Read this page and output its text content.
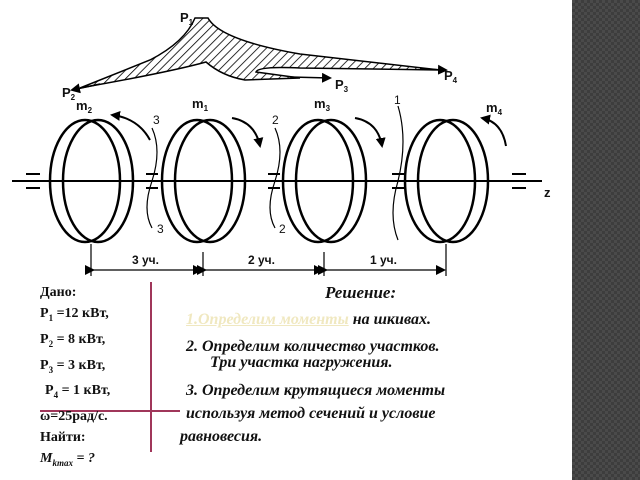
$P_1$
$P_2$
$P_3$
$P_4$
z
$m_2$	$m_1$	$m_3$	$m_4$
3
3
2
2
1
3 уч.	2 уч.	1 уч.
Дано:
$P_1 =12$ кВт,
$P_2 = 8$ кВт,
$P_3 = 3$ кВт,
$P_4 = 1$ кВт,
ω=25рад/с.
Найти:
$M_{kmax}$ = ?
Решение:
1.Определим моменты на шкивах.
2. Определим количество участков.
Три участка нагружения.
3. Определим крутящиеся моменты
используя метод сечений и условие
равновесия.
